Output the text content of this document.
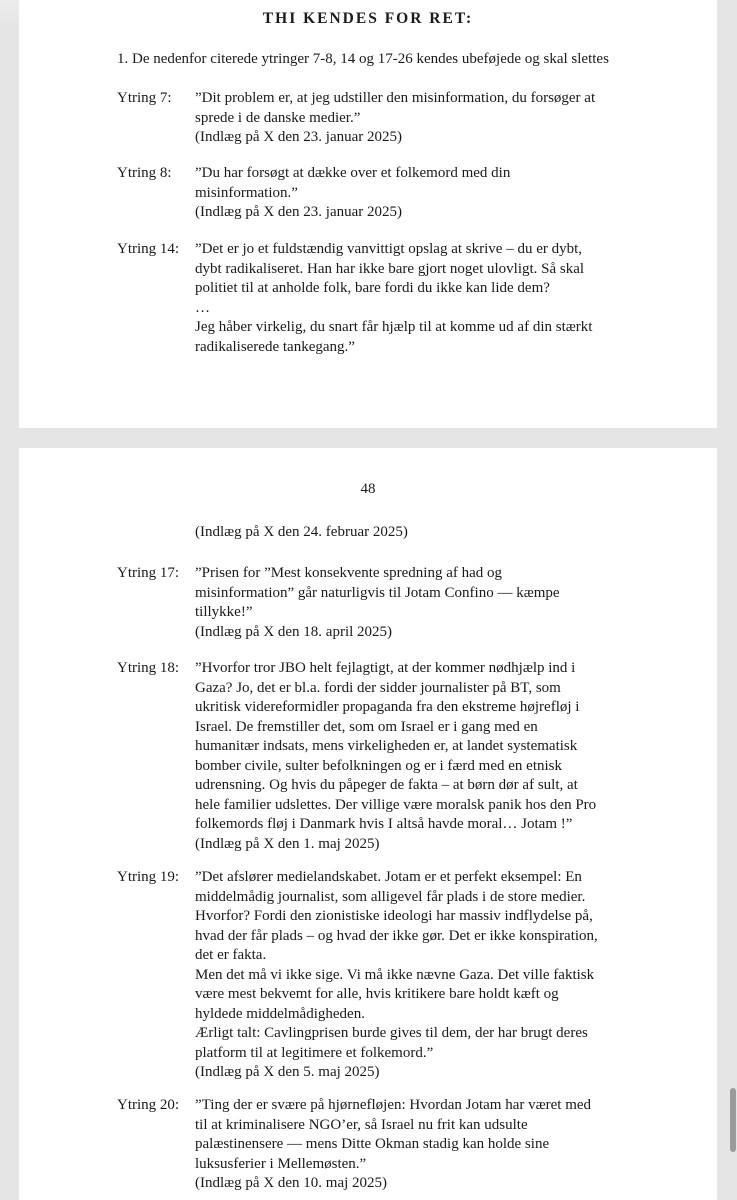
THI KENDES FOR RET:
1. De nedenfor citerede ytringer 7-8, 14 og 17-26 kendes ubeføjede og skal slettes
Ytring 7: ”Dit problem er, at jeg udstiller den misinformation, du forsøger at
sprede i de danske medier.”
(Indlæg på X den 23. januar 2025)
Ytring 8: ”Du har forsøgt at dække over et folkemord med din
misinformation.”
(Indlæg på X den 23. januar 2025)
Ytring 14: ”Det er jo et fuldstændig vanvittigt opslag at skrive – du er dybt,
dybt radikaliseret. Han har ikke bare gjort noget ulovligt. Så skal
politiet til at anholde folk, bare fordi du ikke kan lide dem?
…
Jeg håber virkelig, du snart får hjælp til at komme ud af din stærkt
radikaliserede tankegang.”
48
(Indlæg på X den 24. februar 2025)
Ytring 17: ”Prisen for ”Mest konsekvente spredning af had og
misinformation” går naturligvis til Jotam Confino — kæmpe
tillykke!”
(Indlæg på X den 18. april 2025)
Ytring 18: ”Hvorfor tror JBO helt fejlagtigt, at der kommer nødhjælp ind i
Gaza? Jo, det er bl.a. fordi der sidder journalister på BT, som
ukritisk videreformidler propaganda fra den ekstreme højrefløj i
Israel. De fremstiller det, som om Israel er i gang med en
humanitær indsats, mens virkeligheden er, at landet systematisk
bomber civile, sulter befolkningen og er i færd med en etnisk
udrensning. Og hvis du påpeger de fakta – at børn dør af sult, at
hele familier udslettes. Der villige være moralsk panik hos den Pro
folkemords fløj i Danmark hvis I altså havde moral… Jotam !”
(Indlæg på X den 1. maj 2025)
Ytring 19: ”Det afslører medielandskabet. Jotam er et perfekt eksempel: En
middelmådig journalist, som alligevel får plads i de store medier.
Hvorfor? Fordi den zionistiske ideologi har massiv indflydelse på,
hvad der får plads – og hvad der ikke gør. Det er ikke konspiration,
det er fakta.
Men det må vi ikke sige. Vi må ikke nævne Gaza. Det ville faktisk
være mest bekvemt for alle, hvis kritikere bare holdt kæft og
hyldede middelmådigheden.
Ærligt talt: Cavlingprisen burde gives til dem, der har brugt deres
platform til at legitimere et folkemord.”
(Indlæg på X den 5. maj 2025)
Ytring 20: ”Ting der er svære på hjørnefløjen: Hvordan Jotam har været med
til at kriminalisere NGO’er, så Israel nu frit kan udsulte
palæstinensere — mens Ditte Okman stadig kan holde sine
luksusferier i Mellemøsten.”
(Indlæg på X den 10. maj 2025)
